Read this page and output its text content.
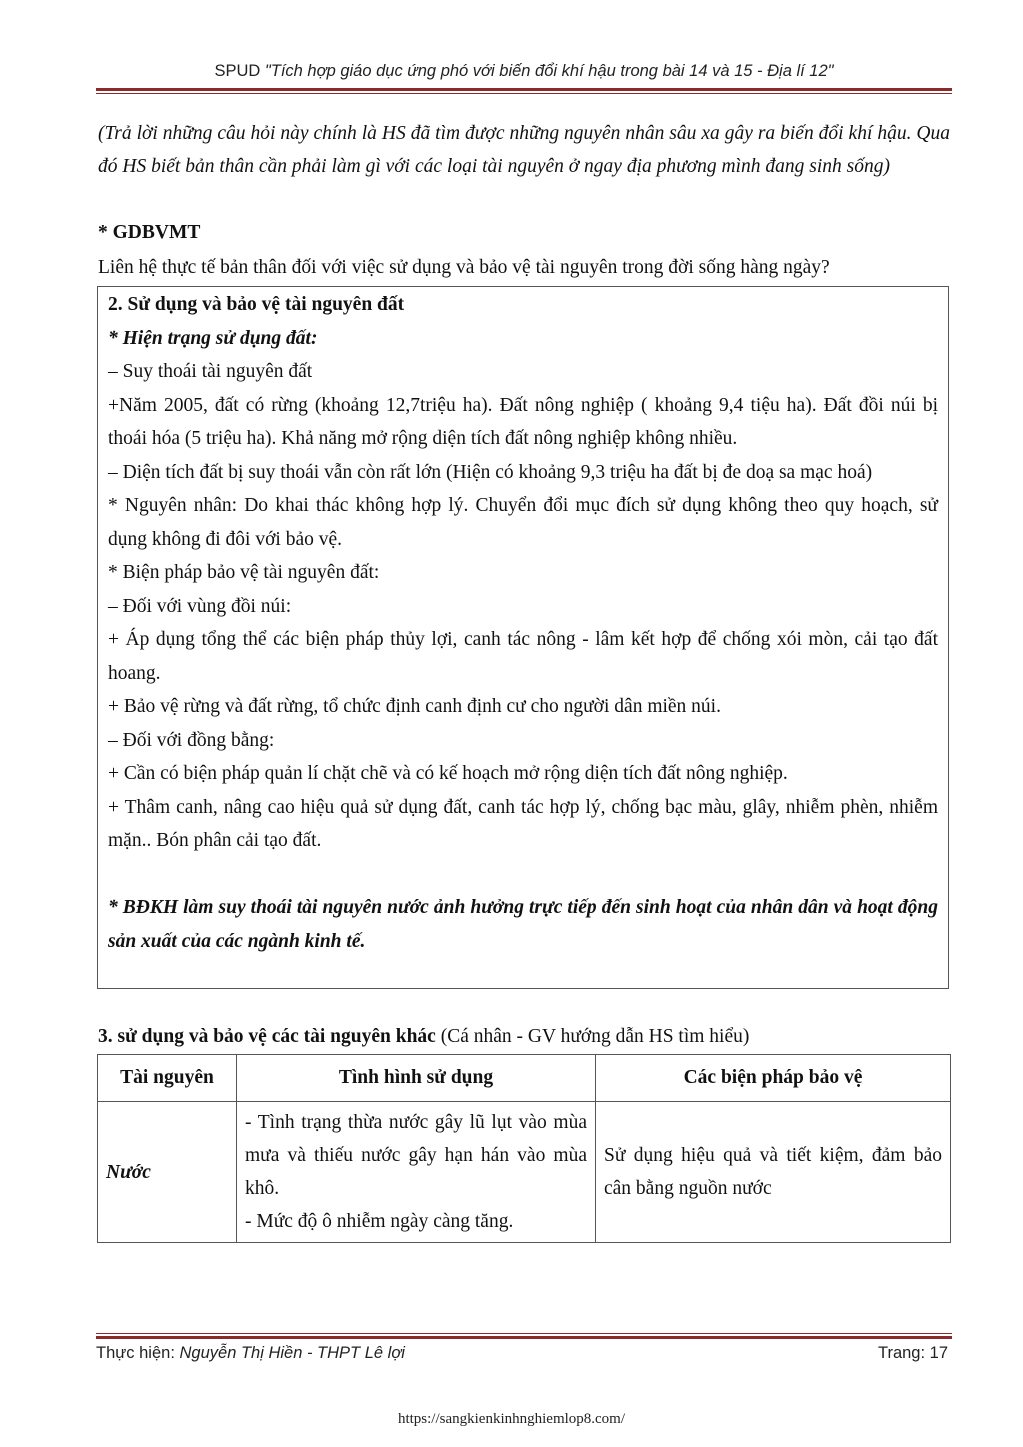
SPUD "Tích hợp giáo dục ứng phó với biến đổi khí hậu trong bài 14 và 15 - Địa lí 12"
(Trả lời những câu hỏi này chính là HS đã tìm được những nguyên nhân sâu xa gây ra biến đổi khí hậu. Qua đó HS biết bản thân cần phải làm gì với các loại tài nguyên ở ngay địa phương mình đang sinh sống)
* GDBVMT
Liên hệ thực tế bản thân đối với việc sử dụng và bảo vệ tài nguyên trong đời sống hàng ngày?
2. Sử dụng và bảo vệ tài nguyên đất
* Hiện trạng sử dụng đất:
– Suy thoái tài nguyên đất
+Năm 2005, đất có rừng (khoảng 12,7triệu ha). Đất nông nghiệp ( khoảng 9,4 tiệu ha). Đất đồi núi bị thoái hóa (5 triệu ha). Khả năng mở rộng diện tích đất nông nghiệp không nhiều.
– Diện tích đất bị suy thoái vẫn còn rất lớn (Hiện có khoảng 9,3 triệu ha đất bị đe doạ sa mạc hoá)
* Nguyên nhân: Do khai thác không hợp lý. Chuyển đổi mục đích sử dụng không theo quy hoạch, sử dụng không đi đôi với bảo vệ.
* Biện pháp bảo vệ tài nguyên đất:
– Đối với vùng đồi núi:
+ Áp dụng tổng thể các biện pháp thủy lợi, canh tác nông - lâm kết hợp để chống xói mòn, cải tạo đất hoang.
+ Bảo vệ rừng và đất rừng, tổ chức định canh định cư cho người dân miền núi.
– Đối với đồng bằng:
+ Cần có biện pháp quản lí chặt chẽ và có kế hoạch mở rộng diện tích đất nông nghiệp.
+ Thâm canh, nâng cao hiệu quả sử dụng đất, canh tác hợp lý, chống bạc màu, glây, nhiễm phèn, nhiễm mặn.. Bón phân cải tạo đất.
* BĐKH làm suy thoái tài nguyên nước ảnh hưởng trực tiếp đến sinh hoạt của nhân dân và hoạt động sản xuất của các ngành kinh tế.
3. sử dụng và bảo vệ các tài nguyên khác (Cá nhân - GV hướng dẫn HS tìm hiểu)
Tài nguyên	Tình hình sử dụng	Các biện pháp bảo vệ
Nước	- Tình trạng thừa nước gây lũ lụt vào mùa mưa và thiếu nước gây hạn hán vào mùa khô.
- Mức độ ô nhiễm ngày càng tăng.	Sử dụng hiệu quả và tiết kiệm, đảm bảo cân bằng nguồn nước
Thực hiện: Nguyễn Thị Hiền - THPT Lê lợi	Trang: 17
https://sangkienkinhnghiemlop8.com/
